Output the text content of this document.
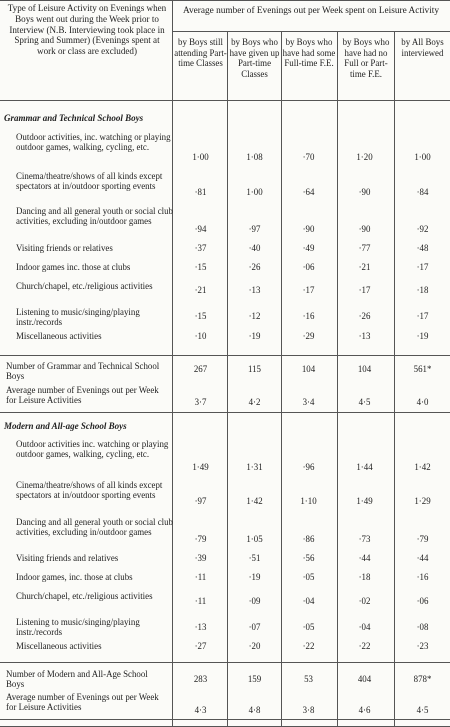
Type of Leisure Activity on Evenings when Boys went out during the Week prior to Interview (N.B. Interviewing took place in Spring and Summer) (Evenings spent at work or class are excluded)
Average number of Evenings out per Week spent on Leisure Activity
by Boys still attending Part-time Classes
by Boys who have given up Part-time Classes
by Boys who have had some Full-time F.E.
by Boys who have had no Full or Part-time F.E.
by All Boys interviewed
Grammar and Technical School Boys
Outdoor activities, inc. watching or playing outdoor games, walking, cycling, etc.
1·00	1·08	·70	1·20	1·00
Cinema/theatre/shows of all kinds except spectators at in/outdoor sporting events
·81	1·00	·64	·90	·84
Dancing and all general youth or social club activities, excluding in/outdoor games
·94	·97	·90	·90	·92
Visiting friends or relatives	·37	·40	·49	·77	·48
Indoor games inc. those at clubs	·15	·26	·06	·21	·17
Church/chapel, etc./religious activities	·21	·13	·17	·17	·18
Listening to music/singing/playing instr./records
·15	·12	·16	·26	·17
Miscellaneous activities	·10	·19	·29	·13	·19
Number of Grammar and Technical School Boys
267	115	104	104	561*
Average number of Evenings out per Week for Leisure Activities	3·7	4·2	3·4	4·5	4·0
Modern and All-age School Boys
Outdoor activities inc. watching or playing outdoor games, walking, cycling, etc.
1·49	1·31	·96	1·44	1·42
Cinema/theatre/shows of all kinds except spectators at in/outdoor sporting events
·97	1·42	1·10	1·49	1·29
Dancing and all general youth or social club activities, excluding in/outdoor games
·79	1·05	·86	·73	·79
Visiting friends and relatives	·39	·51	·56	·44	·44
Indoor games, inc. those at clubs	·11	·19	·05	·18	·16
Church/chapel, etc./religious activities	·11	·09	·04	·02	·06
Listening to music/singing/playing instr./records
·13	·07	·05	·04	·08
Miscellaneous activities	·27	·20	·22	·22	·23
Number of Modern and All-Age School Boys
283	159	53	404	878*
Average number of Evenings out per Week for Leisure Activities	4·3	4·8	3·8	4·6	4·5
